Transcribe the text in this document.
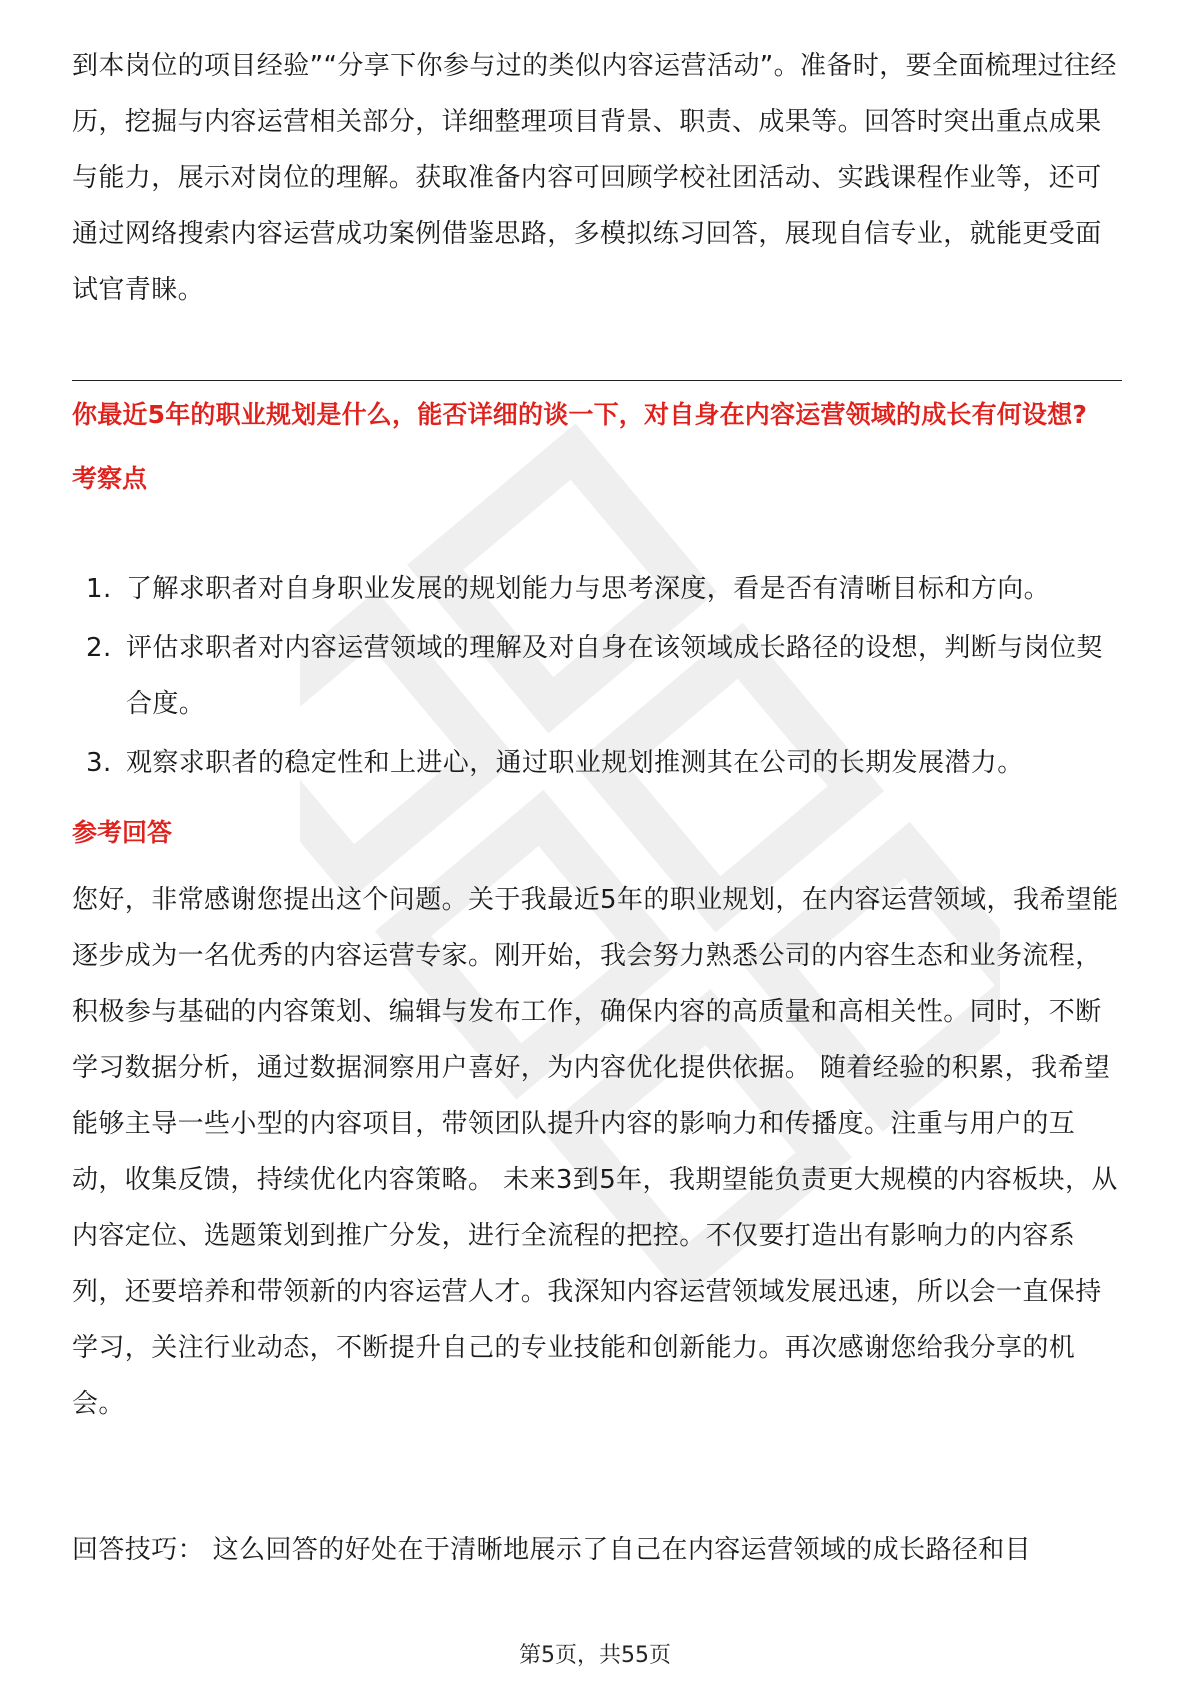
到本岗位的项目经验”“分享下你参与过的类似内容运营活动”。准备时，要全面梳理过往经历，挖掘与内容运营相关部分，详细整理项目背景、职责、成果等。回答时突出重点成果与能力，展示对岗位的理解。获取准备内容可回顾学校社团活动、实践课程作业等，还可通过网络搜索内容运营成功案例借鉴思路，多模拟练习回答，展现自信专业，就能更受面试官青睐。

你最近5年的职业规划是什么，能否详细的谈一下，对自身在内容运营领域的成长有何设想?

考察点

1. 了解求职者对自身职业发展的规划能力与思考深度，看是否有清晰目标和方向。
2. 评估求职者对内容运营领域的理解及对自身在该领域成长路径的设想，判断与岗位契合度。
3. 观察求职者的稳定性和上进心，通过职业规划推测其在公司的长期发展潜力。

参考回答

您好，非常感谢您提出这个问题。关于我最近5年的职业规划，在内容运营领域，我希望能逐步成为一名优秀的内容运营专家。刚开始，我会努力熟悉公司的内容生态和业务流程，积极参与基础的内容策划、编辑与发布工作，确保内容的高质量和高相关性。同时，不断学习数据分析，通过数据洞察用户喜好，为内容优化提供依据。 随着经验的积累，我希望能够主导一些小型的内容项目，带领团队提升内容的影响力和传播度。注重与用户的互动，收集反馈，持续优化内容策略。 未来3到5年，我期望能负责更大规模的内容板块，从内容定位、选题策划到推广分发，进行全流程的把控。不仅要打造出有影响力的内容系列，还要培养和带领新的内容运营人才。我深知内容运营领域发展迅速，所以会一直保持学习，关注行业动态，不断提升自己的专业技能和创新能力。再次感谢您给我分享的机会。

回答技巧： 这么回答的好处在于清晰地展示了自己在内容运营领域的成长路径和目

第5页，共55页
